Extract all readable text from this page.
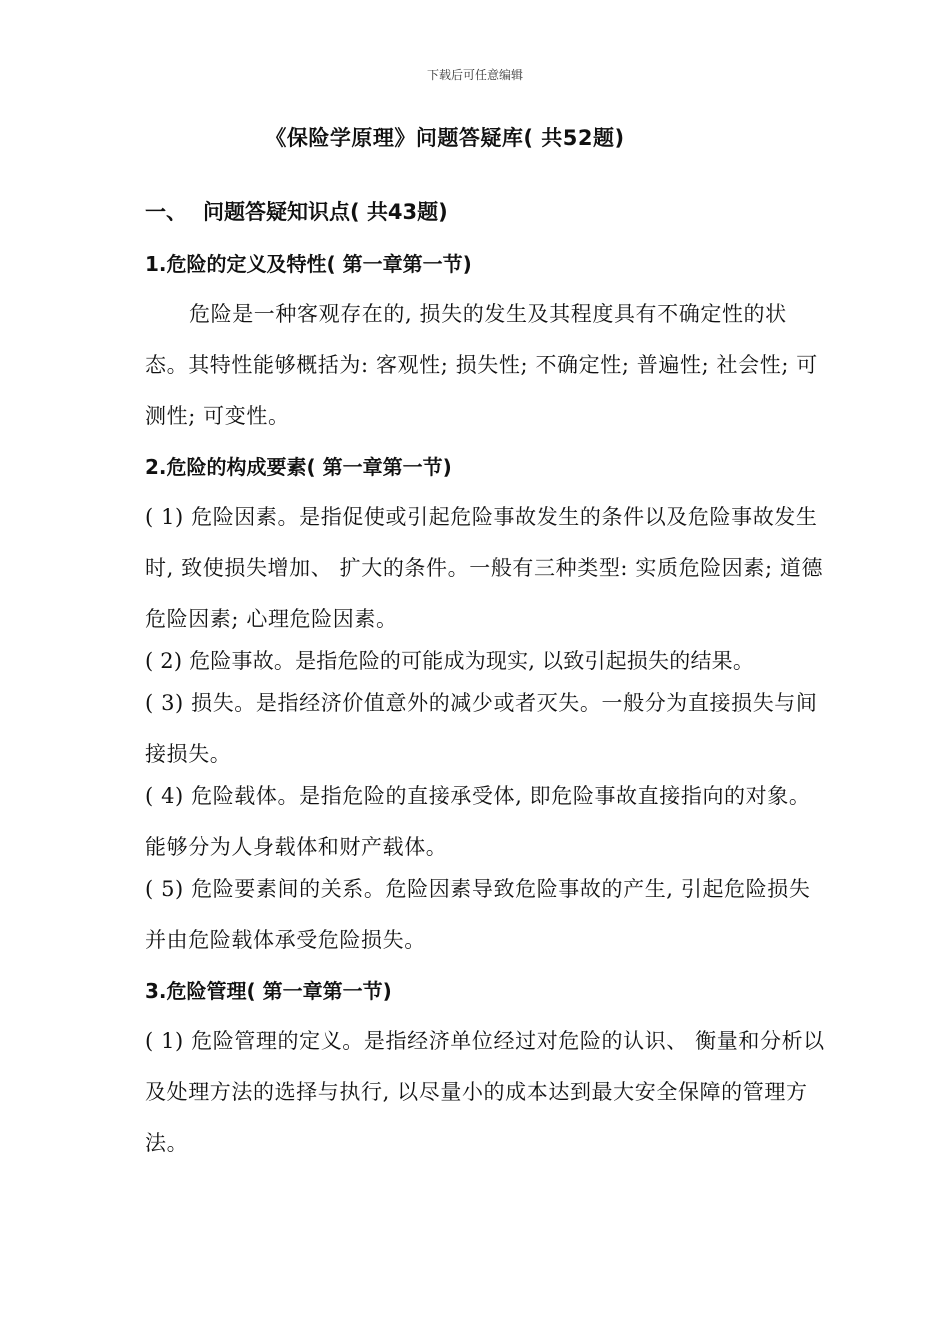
下载后可任意编辑
《保险学原理》问题答疑库( 共52题)
一、 问题答疑知识点( 共43题)
1.危险的定义及特性( 第一章第一节)
危险是一种客观存在的, 损失的发生及其程度具有不确定性的状态。其特性能够概括为: 客观性; 损失性; 不确定性; 普遍性; 社会性; 可测性; 可变性。
2.危险的构成要素( 第一章第一节)
( 1) 危险因素。是指促使或引起危险事故发生的条件以及危险事故发生时, 致使损失增加、 扩大的条件。一般有三种类型: 实质危险因素; 道德危险因素; 心理危险因素。
( 2) 危险事故。是指危险的可能成为现实, 以致引起损失的结果。
( 3) 损失。是指经济价值意外的减少或者灭失。一般分为直接损失与间接损失。
( 4) 危险载体。是指危险的直接承受体, 即危险事故直接指向的对象。能够分为人身载体和财产载体。
( 5) 危险要素间的关系。危险因素导致危险事故的产生, 引起危险损失并由危险载体承受危险损失。
3.危险管理( 第一章第一节)
( 1) 危险管理的定义。是指经济单位经过对危险的认识、 衡量和分析以及处理方法的选择与执行, 以尽量小的成本达到最大安全保障的管理方法。
